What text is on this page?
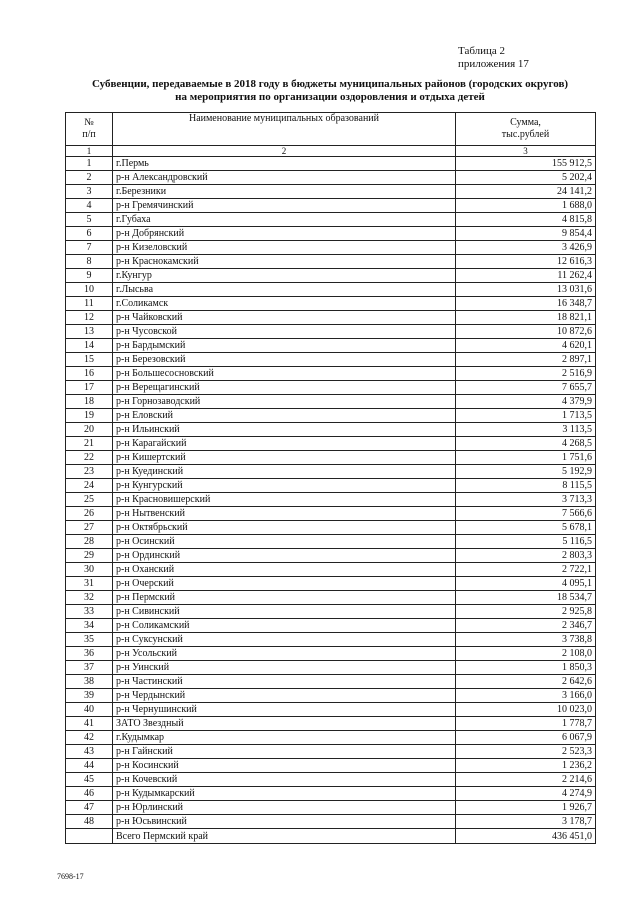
Таблица 2
приложения 17
Субвенции, передаваемые в 2018 году в бюджеты муниципальных районов (городских округов)
на мероприятия по организации оздоровления и отдыха детей
№
п/п	Наименование муниципальных образований	Сумма,
тыс.рублей
1	2	3
1	г.Пермь	155 912,5
2	р-н Александровский	5 202,4
3	г.Березники	24 141,2
4	р-н Гремячинский	1 688,0
5	г.Губаха	4 815,8
6	р-н Добрянский	9 854,4
7	р-н Кизеловский	3 426,9
8	р-н Краснокамский	12 616,3
9	г.Кунгур	11 262,4
10	г.Лысьва	13 031,6
11	г.Соликамск	16 348,7
12	р-н Чайковский	18 821,1
13	р-н Чусовской	10 872,6
14	р-н Бардымский	4 620,1
15	р-н Березовский	2 897,1
16	р-н Большесосновский	2 516,9
17	р-н Верещагинский	7 655,7
18	р-н Горнозаводский	4 379,9
19	р-н Еловский	1 713,5
20	р-н Ильинский	3 113,5
21	р-н Карагайский	4 268,5
22	р-н Кишертский	1 751,6
23	р-н Куединский	5 192,9
24	р-н Кунгурский	8 115,5
25	р-н Красновишерский	3 713,3
26	р-н Нытвенский	7 566,6
27	р-н Октябрьский	5 678,1
28	р-н Осинский	5 116,5
29	р-н Ординский	2 803,3
30	р-н Оханский	2 722,1
31	р-н Очерский	4 095,1
32	р-н Пермский	18 534,7
33	р-н Сивинский	2 925,8
34	р-н Соликамский	2 346,7
35	р-н Суксунский	3 738,8
36	р-н Усольский	2 108,0
37	р-н Уинский	1 850,3
38	р-н Частинский	2 642,6
39	р-н Чердынский	3 166,0
40	р-н Чернушинский	10 023,0
41	ЗАТО Звездный	1 778,7
42	г.Кудымкар	6 067,9
43	р-н Гайнский	2 523,3
44	р-н Косинский	1 236,2
45	р-н Кочевский	2 214,6
46	р-н Кудымкарский	4 274,9
47	р-н Юрлинский	1 926,7
48	р-н Юсьвинский	3 178,7
	Всего Пермский край	436 451,0
7698-17
